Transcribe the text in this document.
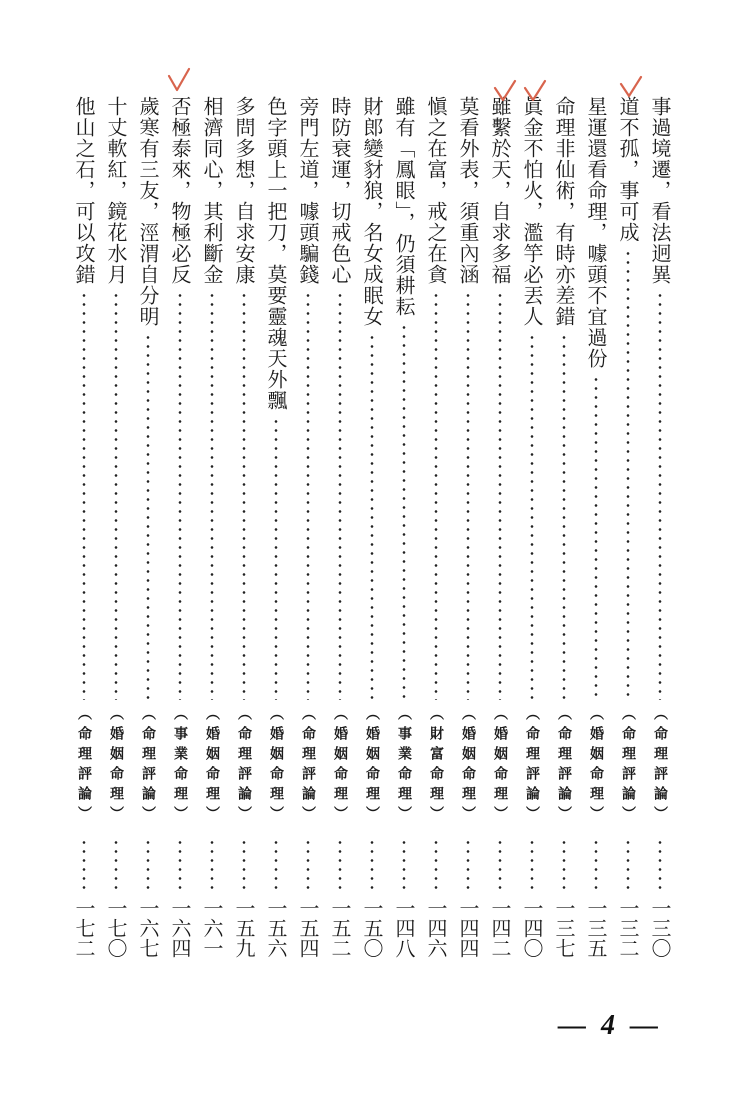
事過境遷，看法迥異
（命理評論）
一三〇
道不孤，事可成
（命理評論）
一三二
星運還看命理，噱頭不宜過份
（婚姻命理）
一三五
命理非仙術，有時亦差錯
（命理評論）
一三七
眞金不怕火，濫竽必丟人
（命理評論）
一四〇
雖繫於天，自求多福
（婚姻命理）
一四二
莫看外表，須重內涵
（婚姻命理）
一四四
愼之在富，戒之在貪
（財富命理）
一四六
雖有「鳳眼」，仍須耕耘
（事業命理）
一四八
財郎變豺狼，名女成眠女
（婚姻命理）
一五〇
時防衰運，切戒色心
（婚姻命理）
一五二
旁門左道，噱頭騙錢
（命理評論）
一五四
色字頭上一把刀，莫要靈魂天外飄
（婚姻命理）
一五六
多問多想，自求安康
（命理評論）
一五九
相濟同心，其利斷金
（婚姻命理）
一六一
否極泰來，物極必反
（事業命理）
一六四
歲寒有三友，涇渭自分明
（命理評論）
一六七
十丈軟紅，鏡花水月
（婚姻命理）
一七〇
他山之石，可以攻錯
（命理評論）
一七二
— 4 —
